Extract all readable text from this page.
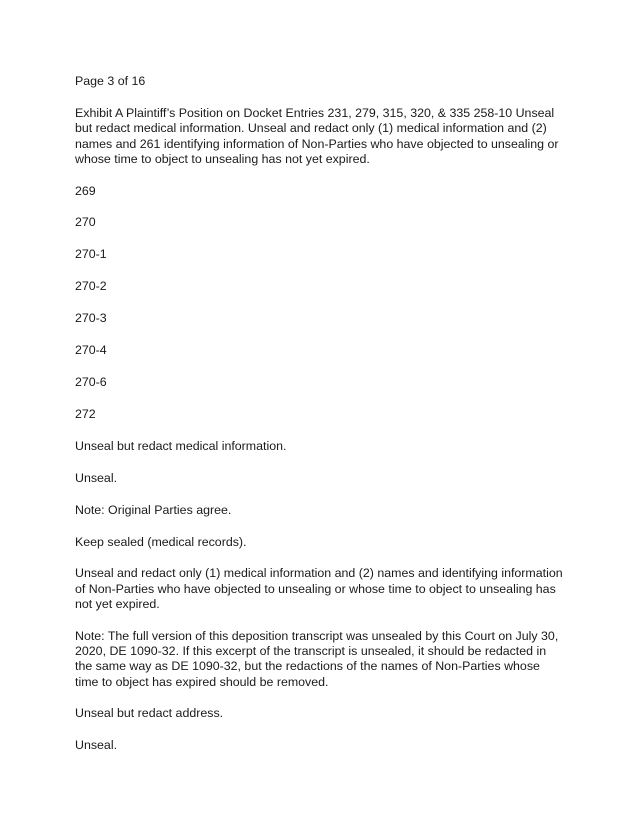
Page 3 of 16

Exhibit A Plaintiff’s Position on Docket Entries 231, 279, 315, 320, & 335 258-10 Unseal but redact medical information. Unseal and redact only (1) medical information and (2) names and 261 identifying information of Non-Parties who have objected to unsealing or whose time to object to unsealing has not yet expired.

269

270

270-1

270-2

270-3

270-4

270-6

272

Unseal but redact medical information.

Unseal.

Note: Original Parties agree.

Keep sealed (medical records).

Unseal and redact only (1) medical information and (2) names and identifying information of Non-Parties who have objected to unsealing or whose time to object to unsealing has not yet expired.

Note: The full version of this deposition transcript was unsealed by this Court on July 30, 2020, DE 1090-32. If this excerpt of the transcript is unsealed, it should be redacted in the same way as DE 1090-32, but the redactions of the names of Non-Parties whose time to object has expired should be removed.

Unseal but redact address.

Unseal.
